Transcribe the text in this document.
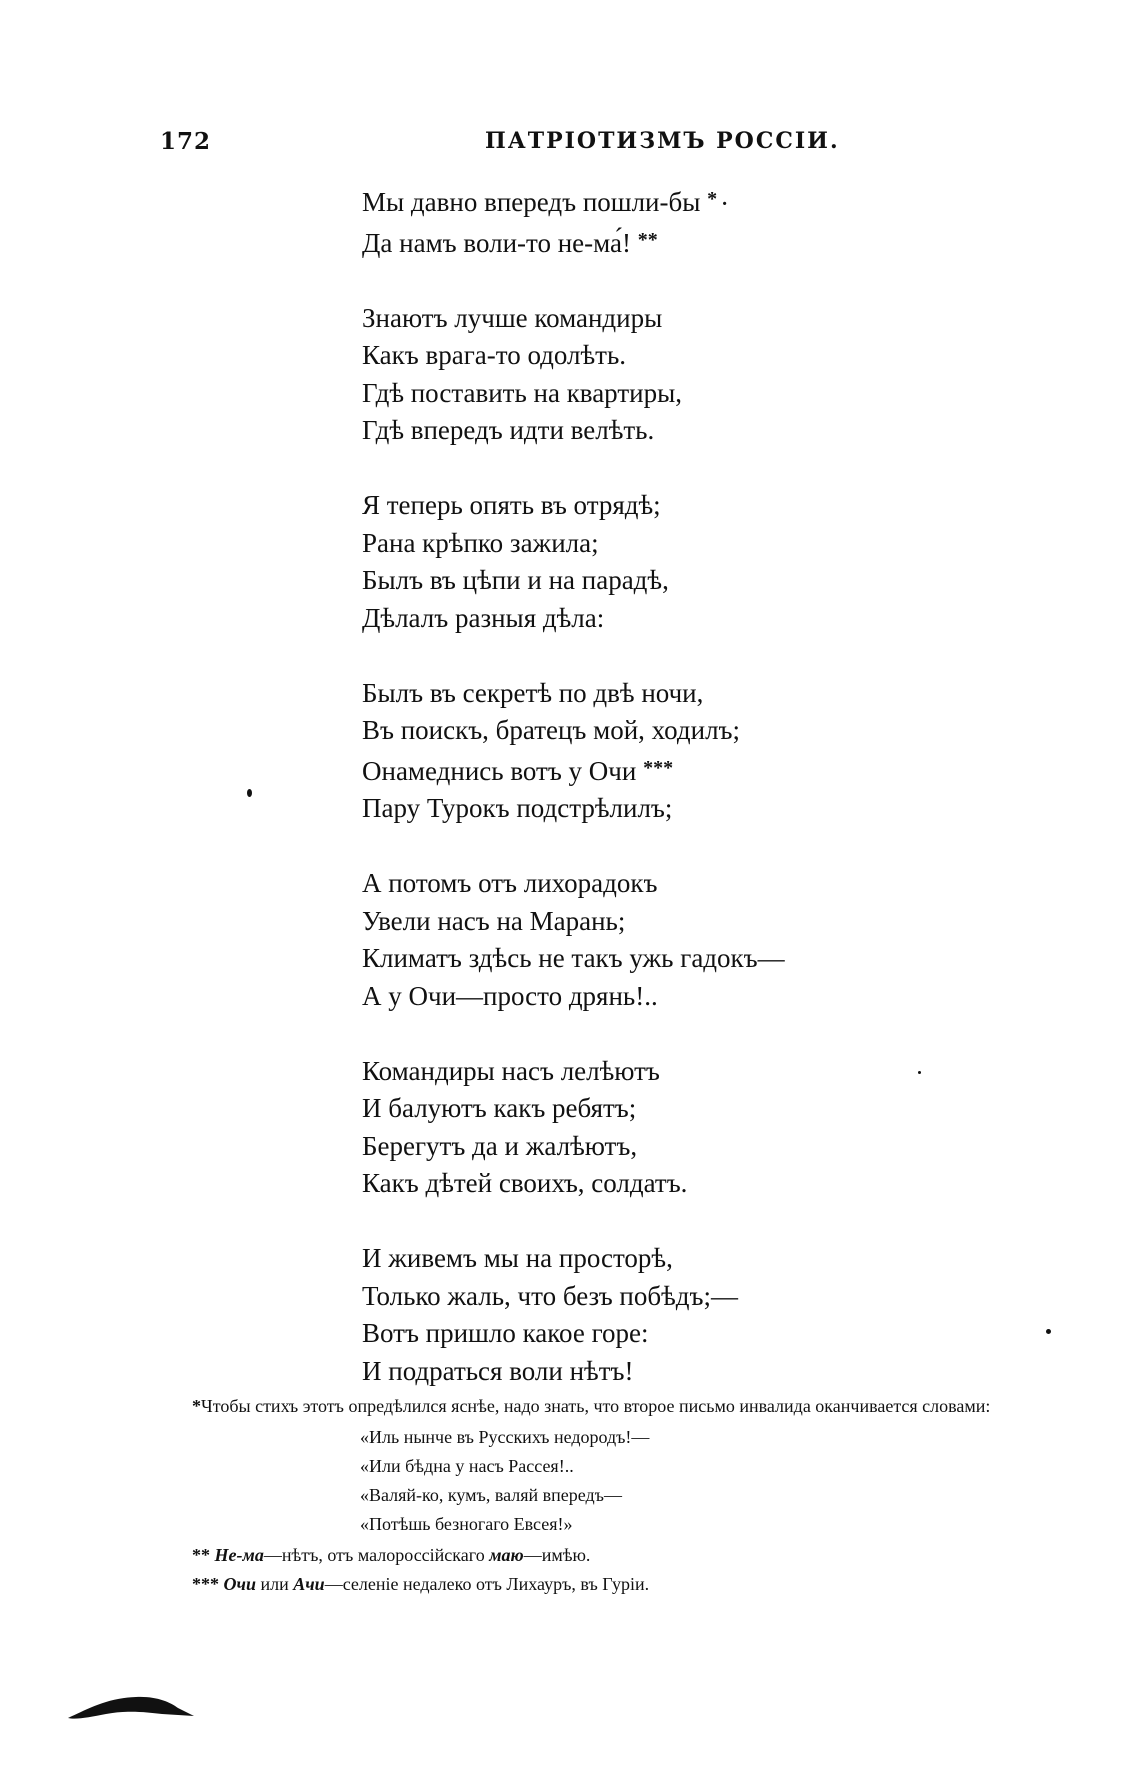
172	ПАТРІОТИЗМЪ РОССІИ.
Мы давно впередъ пошли-бы * .
Да намъ воли-то не-ма́! **
Знаютъ лучше командиры
Какъ врага-то одолѣть.
Гдѣ поставить на квартиры,
Гдѣ впередъ идти велѣть.
Я теперь опять въ отрядѣ;
Рана крѣпко зажила;
Былъ въ цѣпи и на парадѣ,
Дѣлалъ разныя дѣла:
Былъ въ секретѣ по двѣ ночи,
Въ поискъ, братецъ мой, ходилъ;
Онамеднись вотъ у Очи ***
Пару Турокъ подстрѣлилъ;
А потомъ отъ лихорадокъ
Увели насъ на Марань;
Климатъ здѣсь не такъ ужь гадокъ—
А у Очи—просто дрянь!..
Командиры насъ лелѣютъ
И балуютъ какъ ребятъ;
Берегутъ да и жалѣютъ,
Какъ дѣтей своихъ, солдатъ.
И живемъ мы на просторѣ,
Только жаль, что безъ побѣдъ;—
Вотъ пришло какое горе:
И подраться воли нѣтъ!

*Чтобы стихъ этотъ опредѣлился яснѣе, надо знать, что второе письмо инвалида оканчивается словами:

«Иль нынче въ Русскихъ недородъ!—
«Или бѣдна у насъ Рассея!..
«Валяй-ко, кумъ, валяй впередъ—
«Потѣшь безногаго Евсея!»

** Не-ма—нѣтъ, отъ малороссійскаго маю—имѣю.

*** Очи или Ачи—селеніе недалеко отъ Лихауръ, въ Гуріи.
